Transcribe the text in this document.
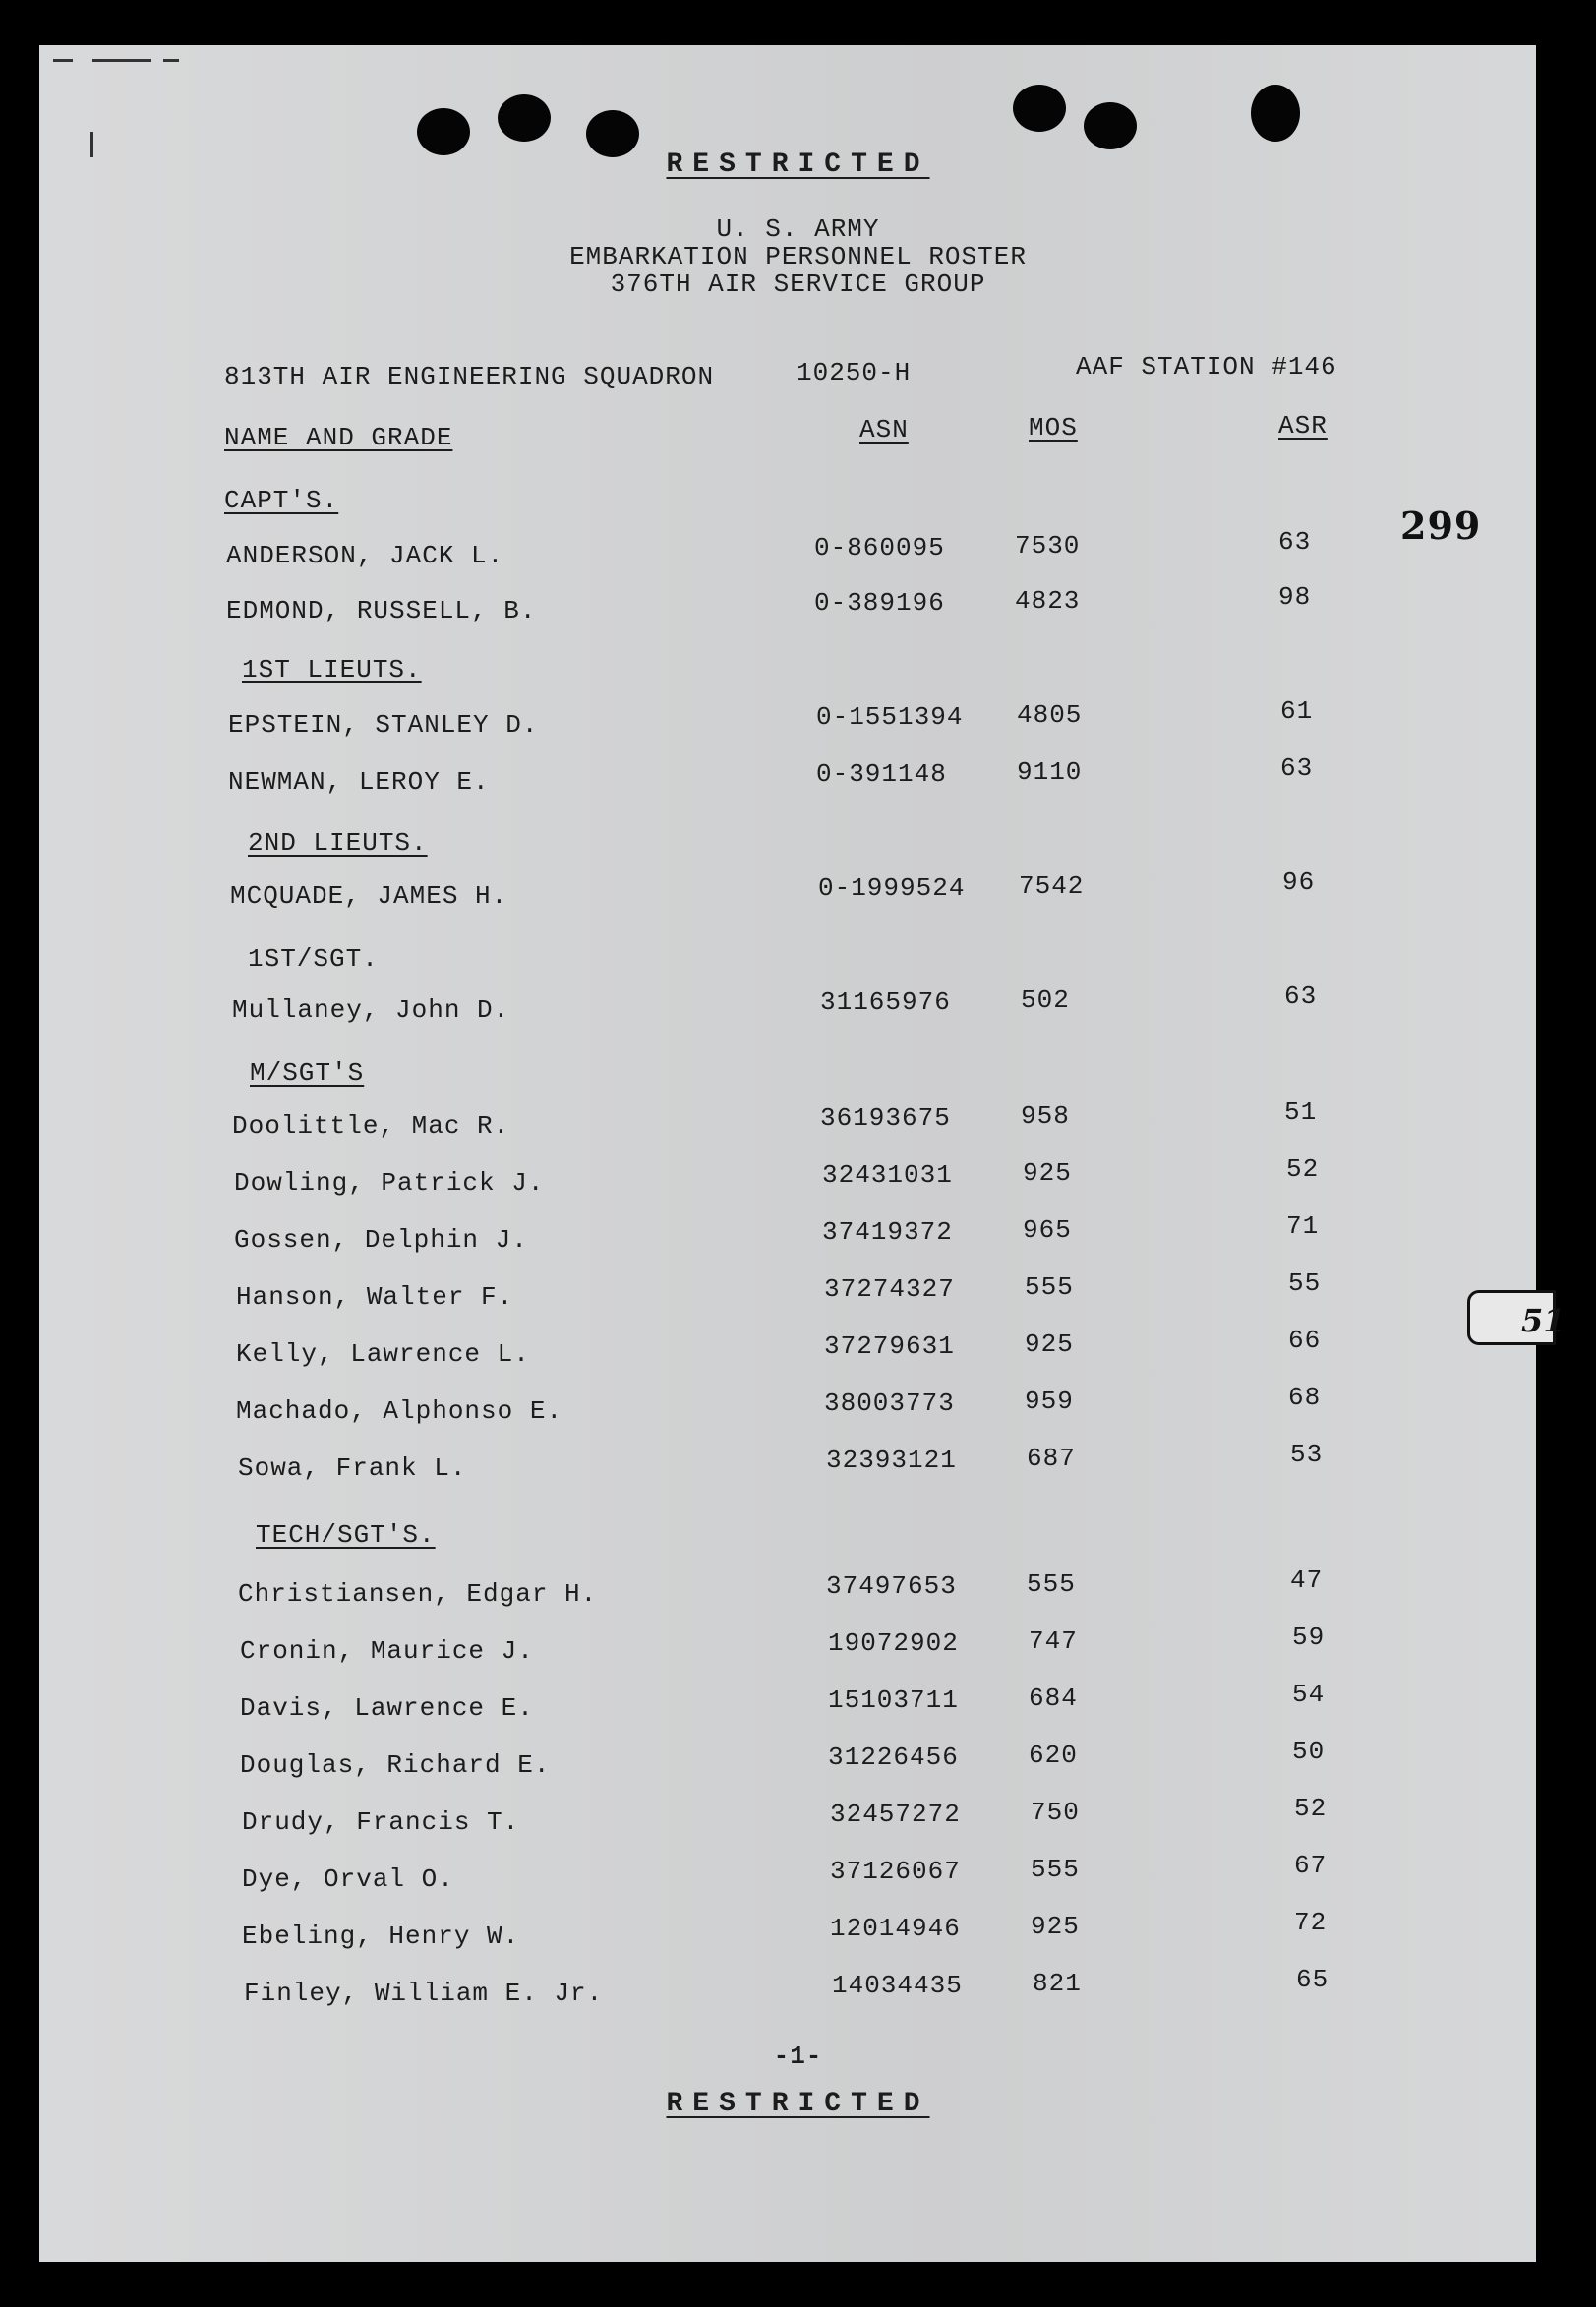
RESTRICTED
U. S. ARMY
EMBARKATION PERSONNEL ROSTER
376TH AIR SERVICE GROUP
813TH AIR ENGINEERING SQUADRON	10250-H	AAF STATION #146
NAME AND GRADE	ASN	MOS	ASR
299
51
CAPT'S.
ANDERSON, JACK L.	0-860095	7530	63
EDMOND, RUSSELL, B.	0-389196	4823	98
1ST LIEUTS.
EPSTEIN, STANLEY D.	0-1551394 4805	61
NEWMAN, LEROY E.	0-391148	9110	63
2ND LIEUTS.
MCQUADE, JAMES H.	0-1999524 7542	96
1ST/SGT.
Mullaney, John D.	31165976	502	63
M/SGT'S
Doolittle, Mac R.	36193675	958	51
Dowling, Patrick J.	32431031	925	52
Gossen, Delphin J.	37419372	965	71
Hanson, Walter F.	37274327	555	55
Kelly, Lawrence L.	37279631	925	66
Machado, Alphonso E.	38003773	959	68
Sowa, Frank L.	32393121	687	53
TECH/SGT'S.
Christiansen, Edgar H.	37497653	555	47
Cronin, Maurice J.	19072902	747	59
Davis, Lawrence E.	15103711	684	54
Douglas, Richard E.	31226456	620	50
Drudy, Francis T.	32457272	750	52
Dye, Orval O.	37126067	555	67
Ebeling, Henry W.	12014946	925	72
Finley, William E. Jr.	14034435	821	65
-1-
RESTRICTED
